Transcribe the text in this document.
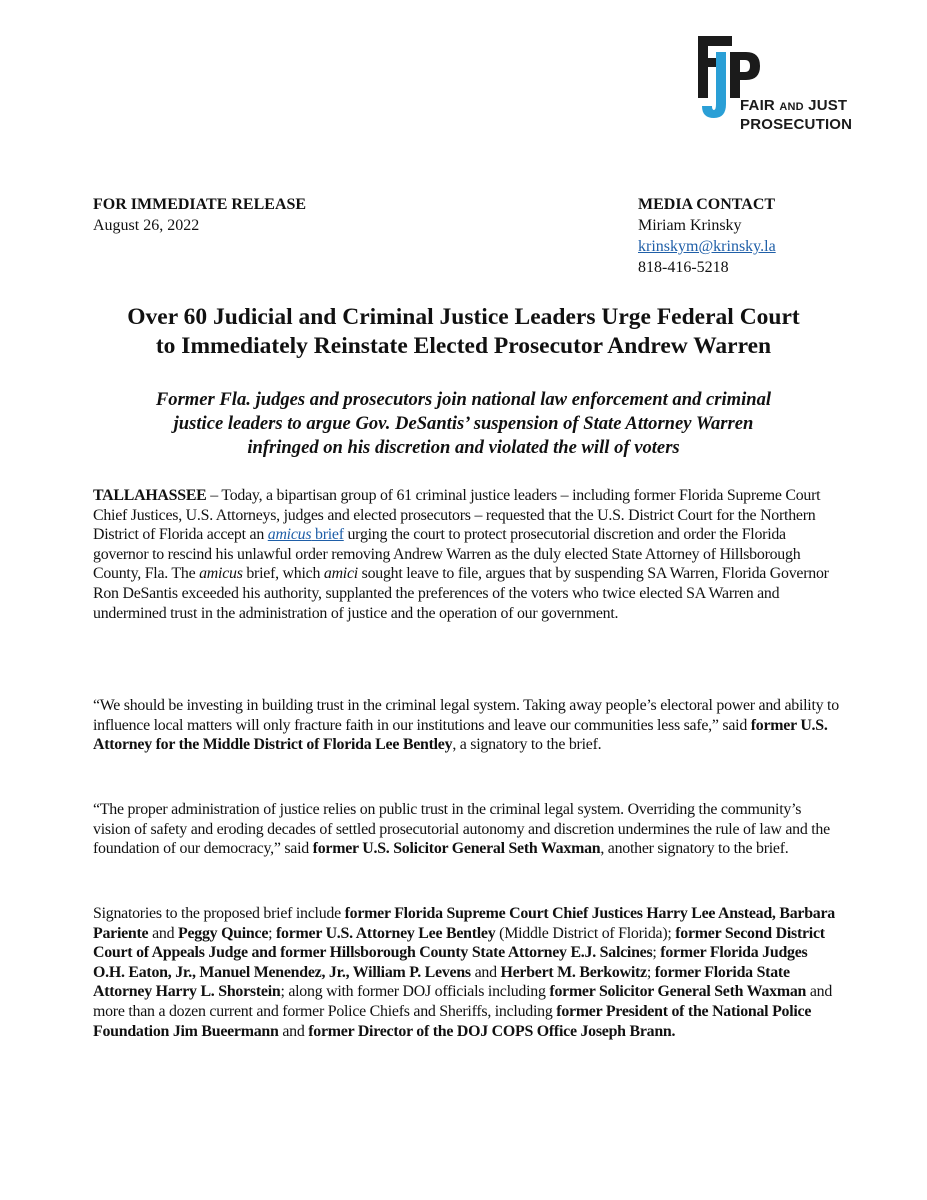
FAIR AND JUST
PROSECUTION
FOR IMMEDIATE RELEASE
August 26, 2022
MEDIA CONTACT
Miriam Krinsky
krinskym@krinsky.la
818-416-5218
Over 60 Judicial and Criminal Justice Leaders Urge Federal Court
to Immediately Reinstate Elected Prosecutor Andrew Warren
Former Fla. judges and prosecutors join national law enforcement and criminal
justice leaders to argue Gov. DeSantis’ suspension of State Attorney Warren
infringed on his discretion and violated the will of voters

TALLAHASSEE – Today, a bipartisan group of 61 criminal justice leaders – including former Florida Supreme Court Chief Justices, U.S. Attorneys, judges and elected prosecutors – requested that the U.S. District Court for the Northern District of Florida accept an amicus brief urging the court to protect prosecutorial discretion and order the Florida governor to rescind his unlawful order removing Andrew Warren as the duly elected State Attorney of Hillsborough County, Fla. The amicus brief, which amici sought leave to file, argues that by suspending SA Warren, Florida Governor Ron DeSantis exceeded his authority, supplanted the preferences of the voters who twice elected SA Warren and undermined trust in the administration of justice and the operation of our government.

“We should be investing in building trust in the criminal legal system. Taking away people’s electoral power and ability to influence local matters will only fracture faith in our institutions and leave our communities less safe,” said former U.S. Attorney for the Middle District of Florida Lee Bentley, a signatory to the brief.

“The proper administration of justice relies on public trust in the criminal legal system. Overriding the community’s vision of safety and eroding decades of settled prosecutorial autonomy and discretion undermines the rule of law and the foundation of our democracy,” said former U.S. Solicitor General Seth Waxman, another signatory to the brief.

Signatories to the proposed brief include former Florida Supreme Court Chief Justices Harry Lee Anstead, Barbara Pariente and Peggy Quince; former U.S. Attorney Lee Bentley (Middle District of Florida); former Second District Court of Appeals Judge and former Hillsborough County State Attorney E.J. Salcines; former Florida Judges O.H. Eaton, Jr., Manuel Menendez, Jr., William P. Levens and Herbert M. Berkowitz; former Florida State Attorney Harry L. Shorstein; along with former DOJ officials including former Solicitor General Seth Waxman and more than a dozen current and former Police Chiefs and Sheriffs, including former President of the National Police Foundation Jim Bueermann and former Director of the DOJ COPS Office Joseph Brann.
